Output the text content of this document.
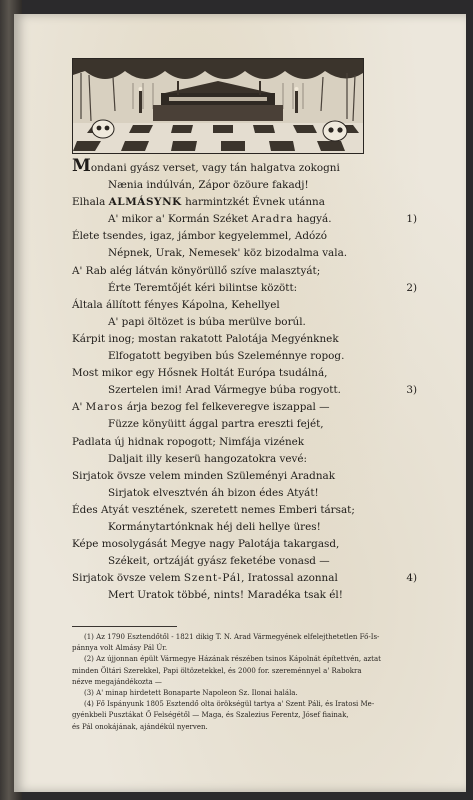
Mondani gyász verset, vagy tán halgatva zokogni
Nænia indúlván, Zápor özöure fakadj!
Elhala ALMÁSYNK harmintzkét Évnek utánna
A' mikor a' Kormán Széket Aradra hagyá.	1)
Élete tsendes, igaz, jámbor kegyelemmel, Adózó
Népnek, Urak, Nemesek' köz bizodalma vala.
A' Rab alég látván könyörüllő szíve malasztyát;
Érte Teremtőjét kéri bilintse között:	2)
Általa állított fényes Kápolna, Kehellyel
A' papi öltözet is búba merülve borúl.
Kárpit inog; mostan rakatott Palotája Megyénknek
Elfogatott begyiben bús Szeleménnye ropog.
Most mikor egy Hősnek Holtát Európa tsudálná,
Szertelen imi! Arad Vármegye búba rogyott.	3)
A' Maros árja bezog fel felkeveregve iszappal —
Füzze könyüitt ággal partra ereszti fejét,
Padlata új hidnak ropogott; Nimfája vizének
Daljait illy keserü hangozatokra vevé:
Sirjatok övsze velem minden Szüleményi Aradnak
Sirjatok elvesztvén áh bizon édes Atyát!
Édes Atyát vesztének, szeretett nemes Emberi társat;
Kormánytartónknak héj deli hellye üres!
Képe mosolygását Megye nagy Palotája takargasd,
Székeit, ortzáját gyász feketébe vonasd —
Sirjatok övsze velem Szent-Pál, Iratossal azonnal	4)
Mert Uratok többé, nints! Maradéka tsak él!
(1) Az 1790 Esztendőtől - 1821 dikig T. N. Arad Vármegyének elfelejthetetlen Fő-Is-
pánnya volt Almásy Pál Úr.
(2) Az újjonnan épült Vármegye Házának részében tsinos Kápolnát építettvén, aztat
minden Öltári Szerekkel, Papi öltözetekkel, és 2000 for. szereménnyel a' Rabokra
nézve megajándékozta —
(3) A' minap hirdetett Bonaparte Napoleon Sz. Ilonai halála.
(4) Fő Ispányunk 1805 Esztendő olta örökségül tartya a' Szent Páli, és Iratosi Me-
gyénkbeli Pusztákat Ő Felségétől — Maga, és Szalezius Ferentz, Jósef fiainak,
és Pál onokájának, ajándékúl nyerven.
